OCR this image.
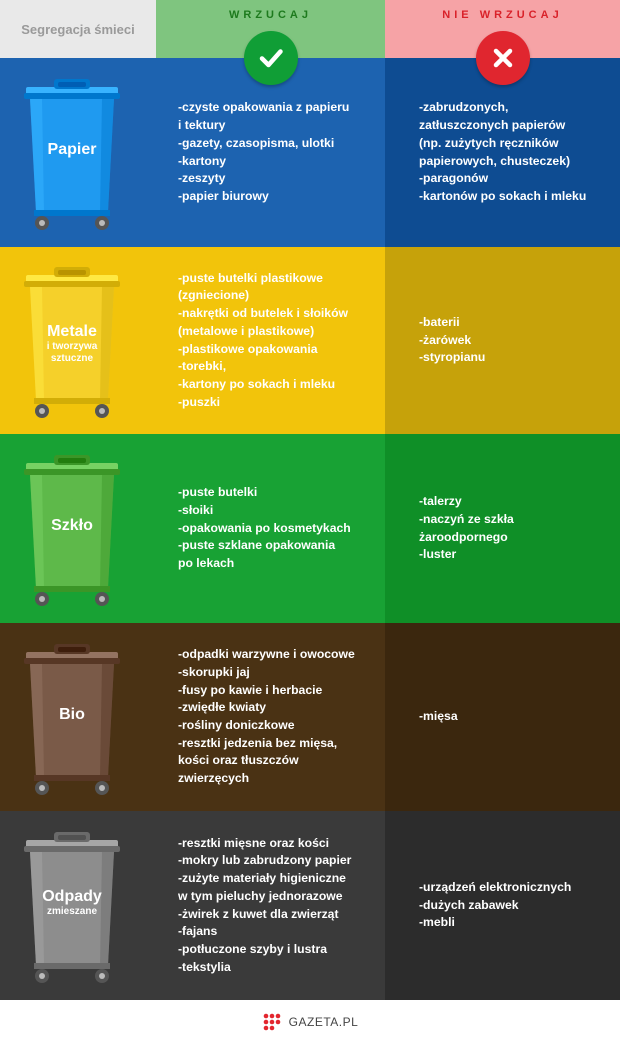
Segregacja śmieci
WRZUCAJ	NIE WRZUCAJ
Papier
-czyste opakowania z papieru
i tektury
-gazety, czasopisma, ulotki
-kartony
-zeszyty
-papier biurowy
-zabrudzonych,
zatłuszczonych papierów
(np. zużytych ręczników
papierowych, chusteczek)
-paragonów
-kartonów po sokach i mleku
Metale
i tworzywa
sztuczne
-puste butelki plastikowe
(zgniecione)
-nakrętki od butelek i słoików
(metalowe i plastikowe)
-plastikowe opakowania
-torebki,
-kartony po sokach i mleku
-puszki
-baterii
-żarówek
-styropianu
Szkło
-puste butelki
-słoiki
-opakowania po kosmetykach
-puste szklane opakowania
po lekach
-talerzy
-naczyń ze szkła
żaroodpornego
-luster
Bio
-odpadki warzywne i owocowe
-skorupki jaj
-fusy po kawie i herbacie
-zwiędłe kwiaty
-rośliny doniczkowe
-resztki jedzenia bez mięsa,
kości oraz tłuszczów
zwierzęcych
-mięsa
Odpady
zmieszane
-resztki mięsne oraz kości
-mokry lub zabrudzony papier
-zużyte materiały higieniczne
w tym pieluchy jednorazowe
-żwirek z kuwet dla zwierząt
-fajans
-potłuczone szyby i lustra
-tekstylia
-urządzeń elektronicznych
-dużych zabawek
-mebli
GAZETA.PL
